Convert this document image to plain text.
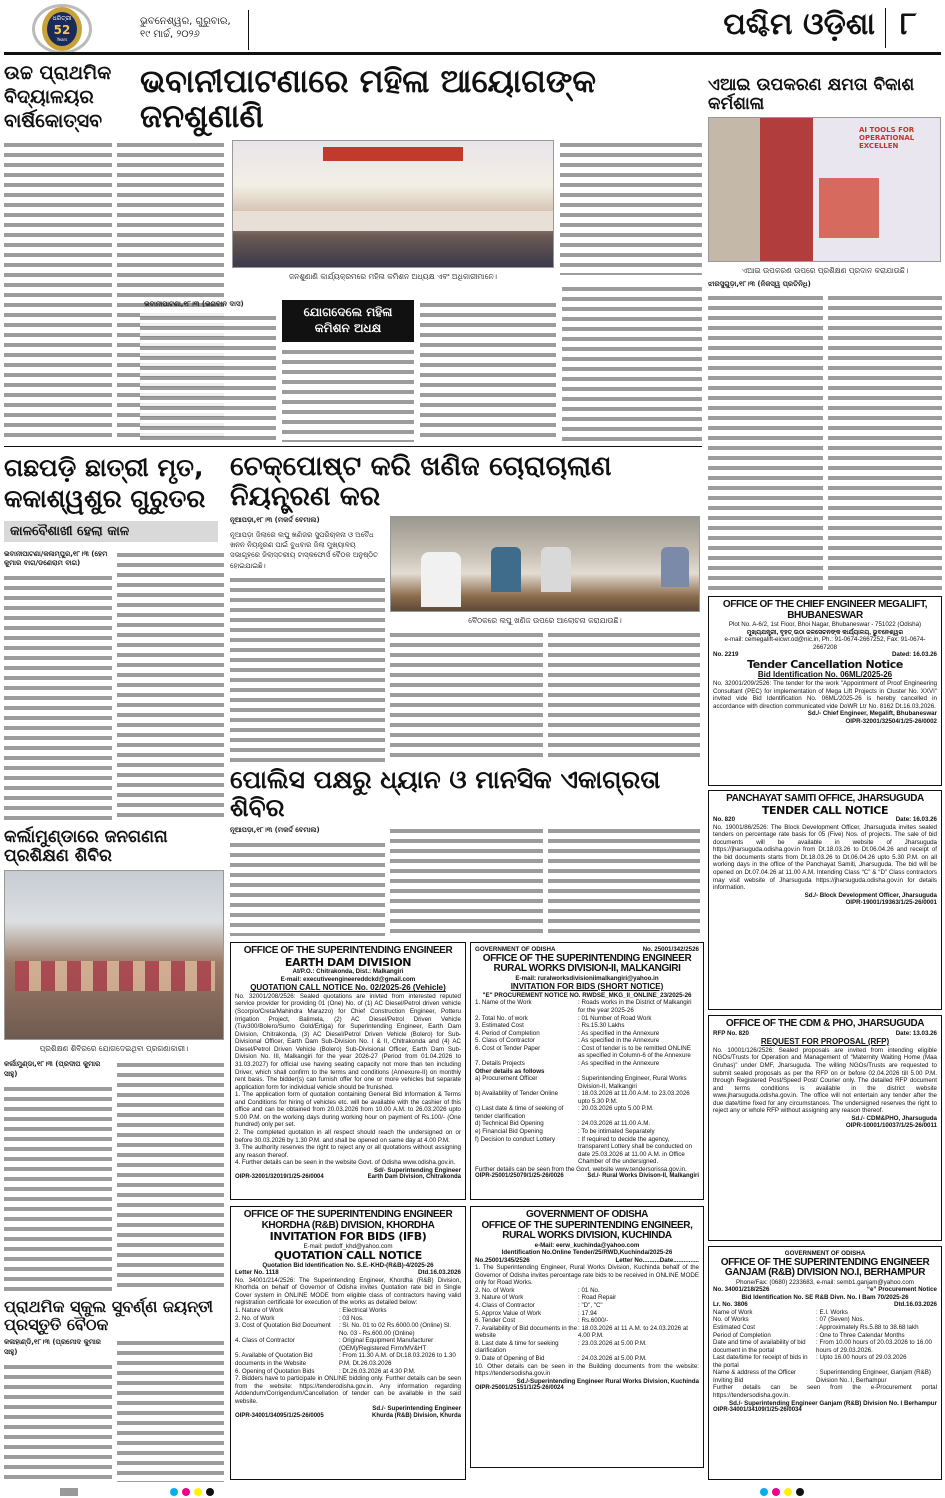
ଧରିତ୍ରୀ
52
Years
ଭୁବନେଶ୍ୱର, ଗୁରୁବାର,
୧୯ ମାର୍ଚ୍ଚ, ୨୦୨୬	ପଶ୍ଚିମ ଓଡ଼ିଶା ୮
ଉଚ୍ଚ ପ୍ରାଥମିକ ବିଦ୍ୟାଳୟର ବାର୍ଷିକୋତ୍ସବ
ଭବାନୀପାଟଣାରେ ମହିଳା ଆୟୋଗଙ୍କ ଜନଶୁଣାଣି
ଜନଶୁଣାଣି କାର୍ଯ୍ୟକ୍ରମରେ ମହିଳା କମିଶନ ଅଧ୍ୟକ୍ଷ ଏବଂ ଅଧିକାରୀମାନେ।
ଭବାନୀପାଟଣା,୧୮।୩ (ଭଗବାନ ଦାସ)
ଯୋଗଦେଲେ ମହିଳା କମିଶନ ଅଧକ୍ଷ
ଏଆଇ ଉପକରଣ କ୍ଷମତା ବିକାଶ କର୍ମଶାଳା
AI TOOLS FOR OPERATIONAL EXCELLEN
ଏଆଇ ଉପକରଣ ଉପରେ ପ୍ରଶିକ୍ଷଣ ପ୍ରଦାନ କରାଯାଉଛି।
ଝାରସୁଗୁଡ଼ା,୧୮।୩ (ନିଜସ୍ୱ ପ୍ରତିନିଧି)
ଗଛପଡ଼ି ଛାତ୍ରୀ ମୃତ, କକାଶ୍ୱଶୁର ଗୁରୁତର
କାଳବୈଶାଖୀ ହେଲା କାଳ
ଭବାନୀପାଟଣା/କଳାମ୍ପୁର,୧୮।୩ (ହେମ କୁମାର ବାଗ/ଡଣେରାମ ବାଗ)
ଚେକ୍‌ପୋଷ୍ଟ କରି ଖଣିଜ ଚୋରାଚାଲାଣ ନିୟନ୍ତ୍ରଣ କର
ନୂଆପଡ଼ା,୧୮।୩ (ମକର୍ଦ୍ଦ ବେମାଲ)
ନୂଆପଡ଼ା ଜିଲାରେ ଲଘୁ ଖଣିଜର ସୁପରିଚାଳନା ଓ ଅବୈଧ ଖନନ ନିୟନ୍ତ୍ରଣ ପାଇଁ ବୁଧବାର ଜିଲା ମୁଖ୍ୟାଳୟ ସଭାଗୃହରେ ଜିଲାସ୍ତରୀୟ ଟାସ୍କଫୋର୍ସ ବୈଠକ ଅନୁଷ୍ଠିତ ହୋଇଯାଇଛି।
ବୈଠକରେ ଲଘୁ ଖଣିଜ ଉପରେ ଆଲୋଚନା କରାଯାଉଛି।
ପୋଲିସ ପକ୍ଷରୁ ଧ୍ୟାନ ଓ ମାନସିକ ଏକାଗ୍ରତା ଶିବିର
ନୂଆପଡ଼ା,୧୮।୩ (ମକର୍ଦ୍ଦ ବେମାଲ)
କର୍ଲାମୁଣ୍ଡାରେ ଜନଗଣନା ପ୍ରଶିକ୍ଷଣ ଶିବିର
ପ୍ରଶିକ୍ଷଣ ଶିବିରରେ ଯୋଗଦେଇଥିବା ପ୍ରଗଣାକାରୀ।
କର୍ଲାମୁଣ୍ଡା,୧୮।୩ (ପ୍ରଦୀପ କୁମାର ସାହୁ)
ପ୍ରାଥମିକ ସ୍କୁଲ ସୁବର୍ଣ୍ଣ ଜୟନ୍ତୀ ପ୍ରସ୍ତୁତି ବୈଠକ
କଳାହାଣ୍ଡି,୧୮।୩ (ପ୍ରମୋଦ କୁମାର ସାହୁ)
OFFICE OF THE CHIEF ENGINEER MEGALIFT, BHUBANESWAR
Plot No. A-6/2, 1st Floor, Bhoi Nagar, Bhubaneswar - 751022 (Odisha)
ମୁଖ୍ୟଯନ୍ତ୍ରୀ, ବୃହତ୍ ଉଠା ଜଳସେଚନଙ୍କ କାର୍ଯ୍ୟାଳୟ, ଭୁବନେଶ୍ୱର
e-mail: cemegalift-eicwr.od@nic.in, Ph.: 91-0674-2667252, Fax: 91-0674-2667208
No. 2219	Dated: 16.03.26
Tender Cancellation Notice
Bid Identification No. 06ML/2025-26
No. 32001/209/2526: The tender for the work "Appointment of Proof Engineering Consultant (PEC) for implementation of Mega Lift Projects in Cluster No. XXVI" invited vide Bid Identification No. 06ML/2025-26 is hereby cancelled in accordance with direction communicated vide DoWR Ltr No. 8162 Dt.16.03.2026.
Sd./- Chief Engineer, Megalift, Bhubaneswar
OIPR-32001/32504/1/25-26/0002
PANCHAYAT SAMITI OFFICE, JHARSUGUDA
TENDER CALL NOTICE
No. 820	Date: 16.03.26
No. 19001/86/2526: The Block Development Officer, Jharsuguda invites sealed tenders on percentage rate basis for 05 (Five) Nos. of projects. The sale of bid documents will be available in website of Jharsuguda https://jharsuguda.odisha.gov.in from Dt.18.03.26 to Dt.06.04.26 and receipt of the bid documents starts from Dt.18.03.26 to Dt.06.04.26 upto 5.30 P.M. on all working days in the office of the Panchayat Samiti, Jharsuguda. The bid will be opened on Dt.07.04.26 at 11.00 A.M. Intending Class “C” & “D” Class contractors may visit website of Jharsuguda https://jharsuguda.odisha.gov.in for details information.
Sd./- Block Development Officer, Jharsuguda
OIPR-19001/19363/1/25-26/0001
OFFICE OF THE CDM & PHO, JHARSUGUDA
RFP No. 820	Date: 13.03.26
REQUEST FOR PROPOSAL (RFP)
No. 10001/126/2526: Sealed proposals are invited from intending eligible NGOs/Trusts for Operation and Management of “Maternity Waiting Home (Maa Gruhas)” under DMF, Jharsuguda. The willing NGOs/Trusts are requested to submit sealed proposals as per the RFP on or before 02.04.2026 till 5.00 P.M. through Registered Post/Speed Post/ Courier only. The detailed RFP document and terms conditions is available in the district website www.jharsuguda.odisha.gov.in. The office will not entertain any tender after the due date/time fixed for any circumstances. The undersigned reserves the right to reject any or whole RFP without assigning any reason thereof.
Sd./- CDM&PHO, Jharsuguda
OIPR-10001/10037/1/25-26/0011
GOVERNMENT OF ODISHA
OFFICE OF THE SUPERINTENDING ENGINEER
GANJAM (R&B) DIVISION NO.I, BERHAMPUR
Phone/Fax: (0680) 2233683, e-mail: semb1.ganjam@yahoo.com
No. 34001/218/2526	“e” Procurement Notice
Bid Identification No. SE R&B Divn. No. I Bam 70/2025-26
Lr. No. 3806	Dtd.16.03.2026
Name of Work	: E.I. Works
No. of Works	: 07 (Seven) Nos.
Estimated Cost	: Approximately Rs.5.88 to 38.68 lakh
Period of Completion	: One to Three Calendar Months
Date and time of availability of bid document in the portal
: From 10.00 hours of 20.03.2026 to 16.00 hours of 29.03.2026.
Last date/time for receipt of bids in the portal
: Upto 16.00 hours of 29.03.2026
Name & address of the Officer Inviting Bid
: Superintending Engineer, Ganjam (R&B) Division No. I, Berhampur
Further details can be seen from the e-Procurement portal https://tendersodisha.gov.in.
Sd./- Superintending Engineer Ganjam (R&B) Division No. I Berhampur
OIPR-34001/34109/1/25-26/0034
OFFICE OF THE SUPERINTENDING ENGINEER
EARTH DAM DIVISION
At/P.O.: Chitrakonda, Dist.: Malkangiri
E-mail: executiveengineereddckd@gmail.com
QUOTATION CALL NOTICE No. 02/2025-26 (Vehicle)
No. 32001/208/2526: Sealed quotations are inivted from interested reputed service provider for providing 01 (One) No. of (1) AC Diesel/Petrol driven vehicle (Scorpio/Creta/Mahindra Marazzo) for Chief Construction Engineer, Potteru Irrigation Project, Balimela, (2) AC Diesel/Petrol Driven Vehicle (Tuv300/Bolero/Sumo Gold/Ertiga) for Superintending Engineer, Earth Dam Division, Chitrakonda, (3) AC Diesel/Petrol Driven Vehicle (Bolero) for Sub-Divisional Officer, Earth Dam Sub-Division No. I & II, Chitrakonda and (4) AC Diesel/Petrol Driven Vehicle (Bolero) Sub-Divisional Officer, Earth Dam Sub-Division No. III, Malkangiri for the year 2026-27 (Period from 01.04.2026 to 31.03.2027) for official use having seating capacity not more than ten including Driver, which shall confirm to the terms and conditions (Annexure-II) on monthly rent basis. The bidder(s) can furnish offer for one or more vehicles but separate application form for individual vehicle should be frunished.
1. The application form of quotation containing General Bid Information & Terms and Conditions for hiring of vehicles etc. will be available with the cashier of this office and can be obtained from 20.03.2026 from 10.00 A.M. to 26.03.2026 upto 5.00 P.M. on the working days during working hour on payment of Rs.100/- (One hundred) only per set.
2. The completed quotation in all respect should reach the undersigned on or before 30.03.2026 by 1.30 P.M. and shall be opened on same day at 4.00 P.M.
3. The authority reserves the right to reject any or all quotations without assigning any reason thereof.
4. Further details can be seen in the website Govt. of Odisha www.odisha.gov.in.
Sd/- Superintending Engineer
OIPR-32001/32019/1/25-26/0004	Earth Dam Division, Chitrakonda
GOVERNMENT OF ODISHA	No. 25001/342/2526
OFFICE OF THE SUPERINTENDING ENGINEER
RURAL WORKS DIVISION-II, MALKANGIRI
E-mail: ruralworksdivisioniimalkangiri@yahoo.in
INVITATION FOR BIDS (SHORT NOTICE)
"E" PROCUREMENT NOTICE NO. RWDSE_MKG_II_ONLINE_23/2025-26
1. Name of the Work	: Roads works in the District of Malkangiri for the year 2025-26
2. Total No. of work	: 01 Number of Road Work
3. Estimated Cost	: Rs.15.30 Lakhs
4. Period of Completion	: As specified in the Annexure
5. Class of Contractor	: As specified in the Annexure
6. Cost ot Tender Paper	: Cost of tender is to be remitted ONLINE as specified in Column-6 of the Annexure
7. Details Projects	: As specified in the Annexure
Other details as follows
a) Procurement Officer	: Superintending Engineer, Rural Works Division-II, Malkangiri
b) Availability of Tender Online	: 18.03.2026 at 11.00 A.M. to 23.03.2026 upto 5.30 P.M.
c) Last date & time of seeking of tender clarification
: 20.03.2026 upto 5.00 P.M.
d) Technical Bid Opening	: 24.03.2026 at 11.00 A.M.
e) Financial Bid Opening	: To be intimated Separately
f) Decision to conduct Lottery	: If required to decide the agency, transparent Lottery shall be conducted on date 25.03.2026 at 11.00 A.M. in Office Chamber of the undersigned.
Further details can be seen from the Govt. website www.tendersorissa.gov.in.
OIPR-25001/25079/1/25-26/0026	Sd./- Rural Works Divison-II, Malkangiri
OFFICE OF THE SUPERINTENDING ENGINEER
KHORDHA (R&B) DIVISION, KHORDHA
INVITATION FOR BIDS (IFB)
E-mail: pwdoff_khd@yahoo.com
QUOTATION CALL NOTICE
Quotation Bid Identification No. S.E.-KHD-(R&B)-4/2025-26
Letter No. 1118	Dtd.16.03.2026
No. 34001/214/2526: The Superintending Engineer, Khordha (R&B) Division, Khorhda on behalf of Governor of Odisha invites Quotation rate bid in Single Cover system in ONLINE MODE from eligible class of contractors having valid registration certificate for execution of the works as detailed below:
1. Nature of Work	: Electrical Works
2. No. of Work	: 03 Nos.
3. Cost of Quotation Bid Document	: Sl. No. 01 to 02 Rs.6000.00 (Online) Sl. No. 03 - Rs.600.00 (Online)
4. Class of Contractor	: Original Equipment Manufacturer (OEM)/Registered Firm/MV&HT
5. Available of Quotation Bid documents in the Website
: From 11.30 A.M. of Dt.18.03.2026 to 1.30 P.M. Dt.26.03.2026
6. Opening of Quotation Bids	: Dt.26.03.2026 at 4.30 P.M.
7. Bidders have to participate in ONLINE bidding only. Further details can be seen from the website: https://tenderodisha.gov.in. Any information regarding Addendum/Corrigendum/Cancellation of tender can be available in the said website.
Sd./- Superintending Engineer
OIPR-34001/34095/1/25-26/0005	Khurda (R&B) Division, Khurda
GOVERNMENT OF ODISHA
OFFICE OF THE SUPERINTENDING ENGINEER,
RURAL WORKS DIVISION, KUCHINDA
e-Mail: eerw_kuchinda@yahoo.com
Identification No.Online Tender/25/RWD,Kuchinda/2025-26
No.25001/345/2526	Letter No..........Date...............
1. The Superintending Engineer, Rural Works Division, Kuchinda behalf of the Governor of Odisha invites percentage rate bids to be received in ONLINE MODE only for Road Works.
2. No. of Work	: 01 No.
3. Nature of Work	: Road Repair
4. Class of Contractor	: "D", "C"
5. Approx Value of Work	: 17.94
6. Tender Cost	: Rs.6000/-
7. Availability of Bid documents in the website
: 18.03.2026 at 11 A.M. to 24.03.2026 at 4.00 P.M.
8. Last date & time for seeking clarification
: 23.03.2026 at 5.00 P.M.
9. Date of Opening of Bid	: 24.03.2026 at 5.00 P.M.
10. Other details can be seen in the Building documents from the website: https://tendersodisha.gov.in
Sd./-Superintending Engineer Rural Works Division, Kuchinda
OIPR-25001/25151/1/25-26/0024
